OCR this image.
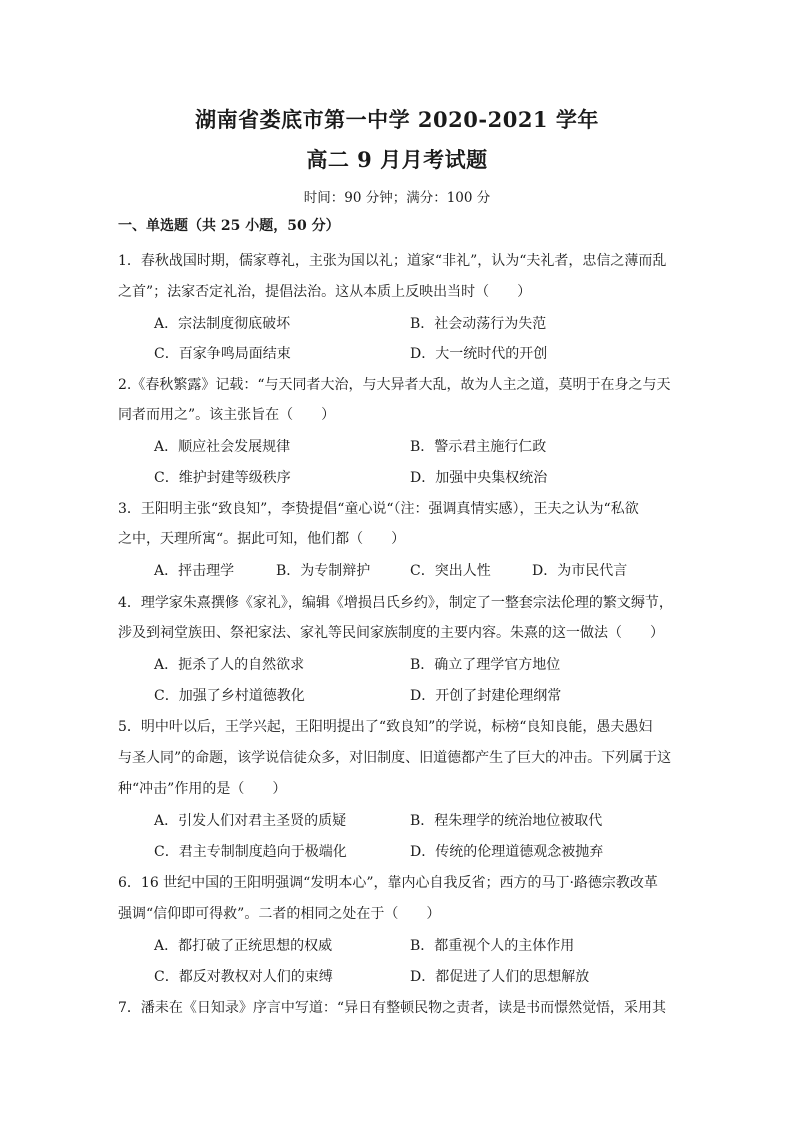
湖南省娄底市第一中学 2020-2021 学年
高二 9 月月考试题
时间：90 分钟；满分：100 分
一、单选题（共 25 小题，50 分）
1．春秋战国时期，儒家尊礼，主张为国以礼；道家“非礼”，认为“夫礼者，忠信之薄而乱
之首”；法家否定礼治，提倡法治。这从本质上反映出当时（　　）
A．宗法制度彻底破坏	B．社会动荡行为失范
C．百家争鸣局面结束	D．大一统时代的开创
2.《春秋繁露》记载：“与天同者大治，与大异者大乱，故为人主之道，莫明于在身之与天
同者而用之”。该主张旨在（　　）
A．顺应社会发展规律	B．警示君主施行仁政
C．维护封建等级秩序	D．加强中央集权统治
3．王阳明主张“致良知”，李贽提倡“童心说“（注：强调真情实感），王夫之认为“私欲
之中，天理所寓“。据此可知，他们都（　　）
A．抨击理学	B．为专制辩护	C．突出人性	D．为市民代言
4．理学家朱熹撰修《家礼》，编辑《增损吕氏乡约》，制定了一整套宗法伦理的繁文缛节，
涉及到祠堂族田、祭祀家法、家礼等民间家族制度的主要内容。朱熹的这一做法（　　）
A．扼杀了人的自然欲求	B．确立了理学官方地位
C．加强了乡村道德教化	D．开创了封建伦理纲常
5．明中叶以后，王学兴起，王阳明提出了“致良知”的学说，标榜“良知良能，愚夫愚妇
与圣人同”的命题，该学说信徒众多，对旧制度、旧道德都产生了巨大的冲击。下列属于这
种“冲击”作用的是（　　）
A．引发人们对君主圣贤的质疑	B．程朱理学的统治地位被取代
C．君主专制制度趋向于极端化	D．传统的伦理道德观念被抛弃
6．16 世纪中国的王阳明强调“发明本心”，靠内心自我反省；西方的马丁·路德宗教改革
强调“信仰即可得救”。二者的相同之处在于（　　）
A．都打破了正统思想的权威	B．都重视个人的主体作用
C．都反对教权对人们的束缚	D．都促进了人们的思想解放
7．潘耒在《日知录》序言中写道：“异日有整顿民物之责者，读是书而憬然觉悟，采用其
